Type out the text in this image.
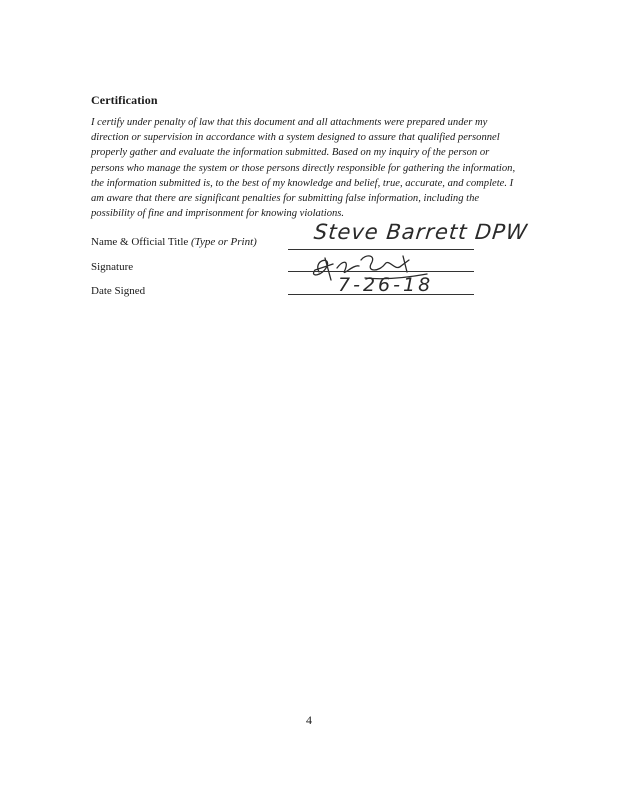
Certification
I certify under penalty of law that this document and all attachments were prepared under my direction or supervision in accordance with a system designed to assure that qualified personnel properly gather and evaluate the information submitted. Based on my inquiry of the person or persons who manage the system or those persons directly responsible for gathering the information, the information submitted is, to the best of my knowledge and belief, true, accurate, and complete. I am aware that there are significant penalties for submitting false information, including the possibility of fine and imprisonment for knowing violations.
Name & Official Title (Type or Print)	Steve Barrett DPW
Signature
Date Signed	7-26-18
4
